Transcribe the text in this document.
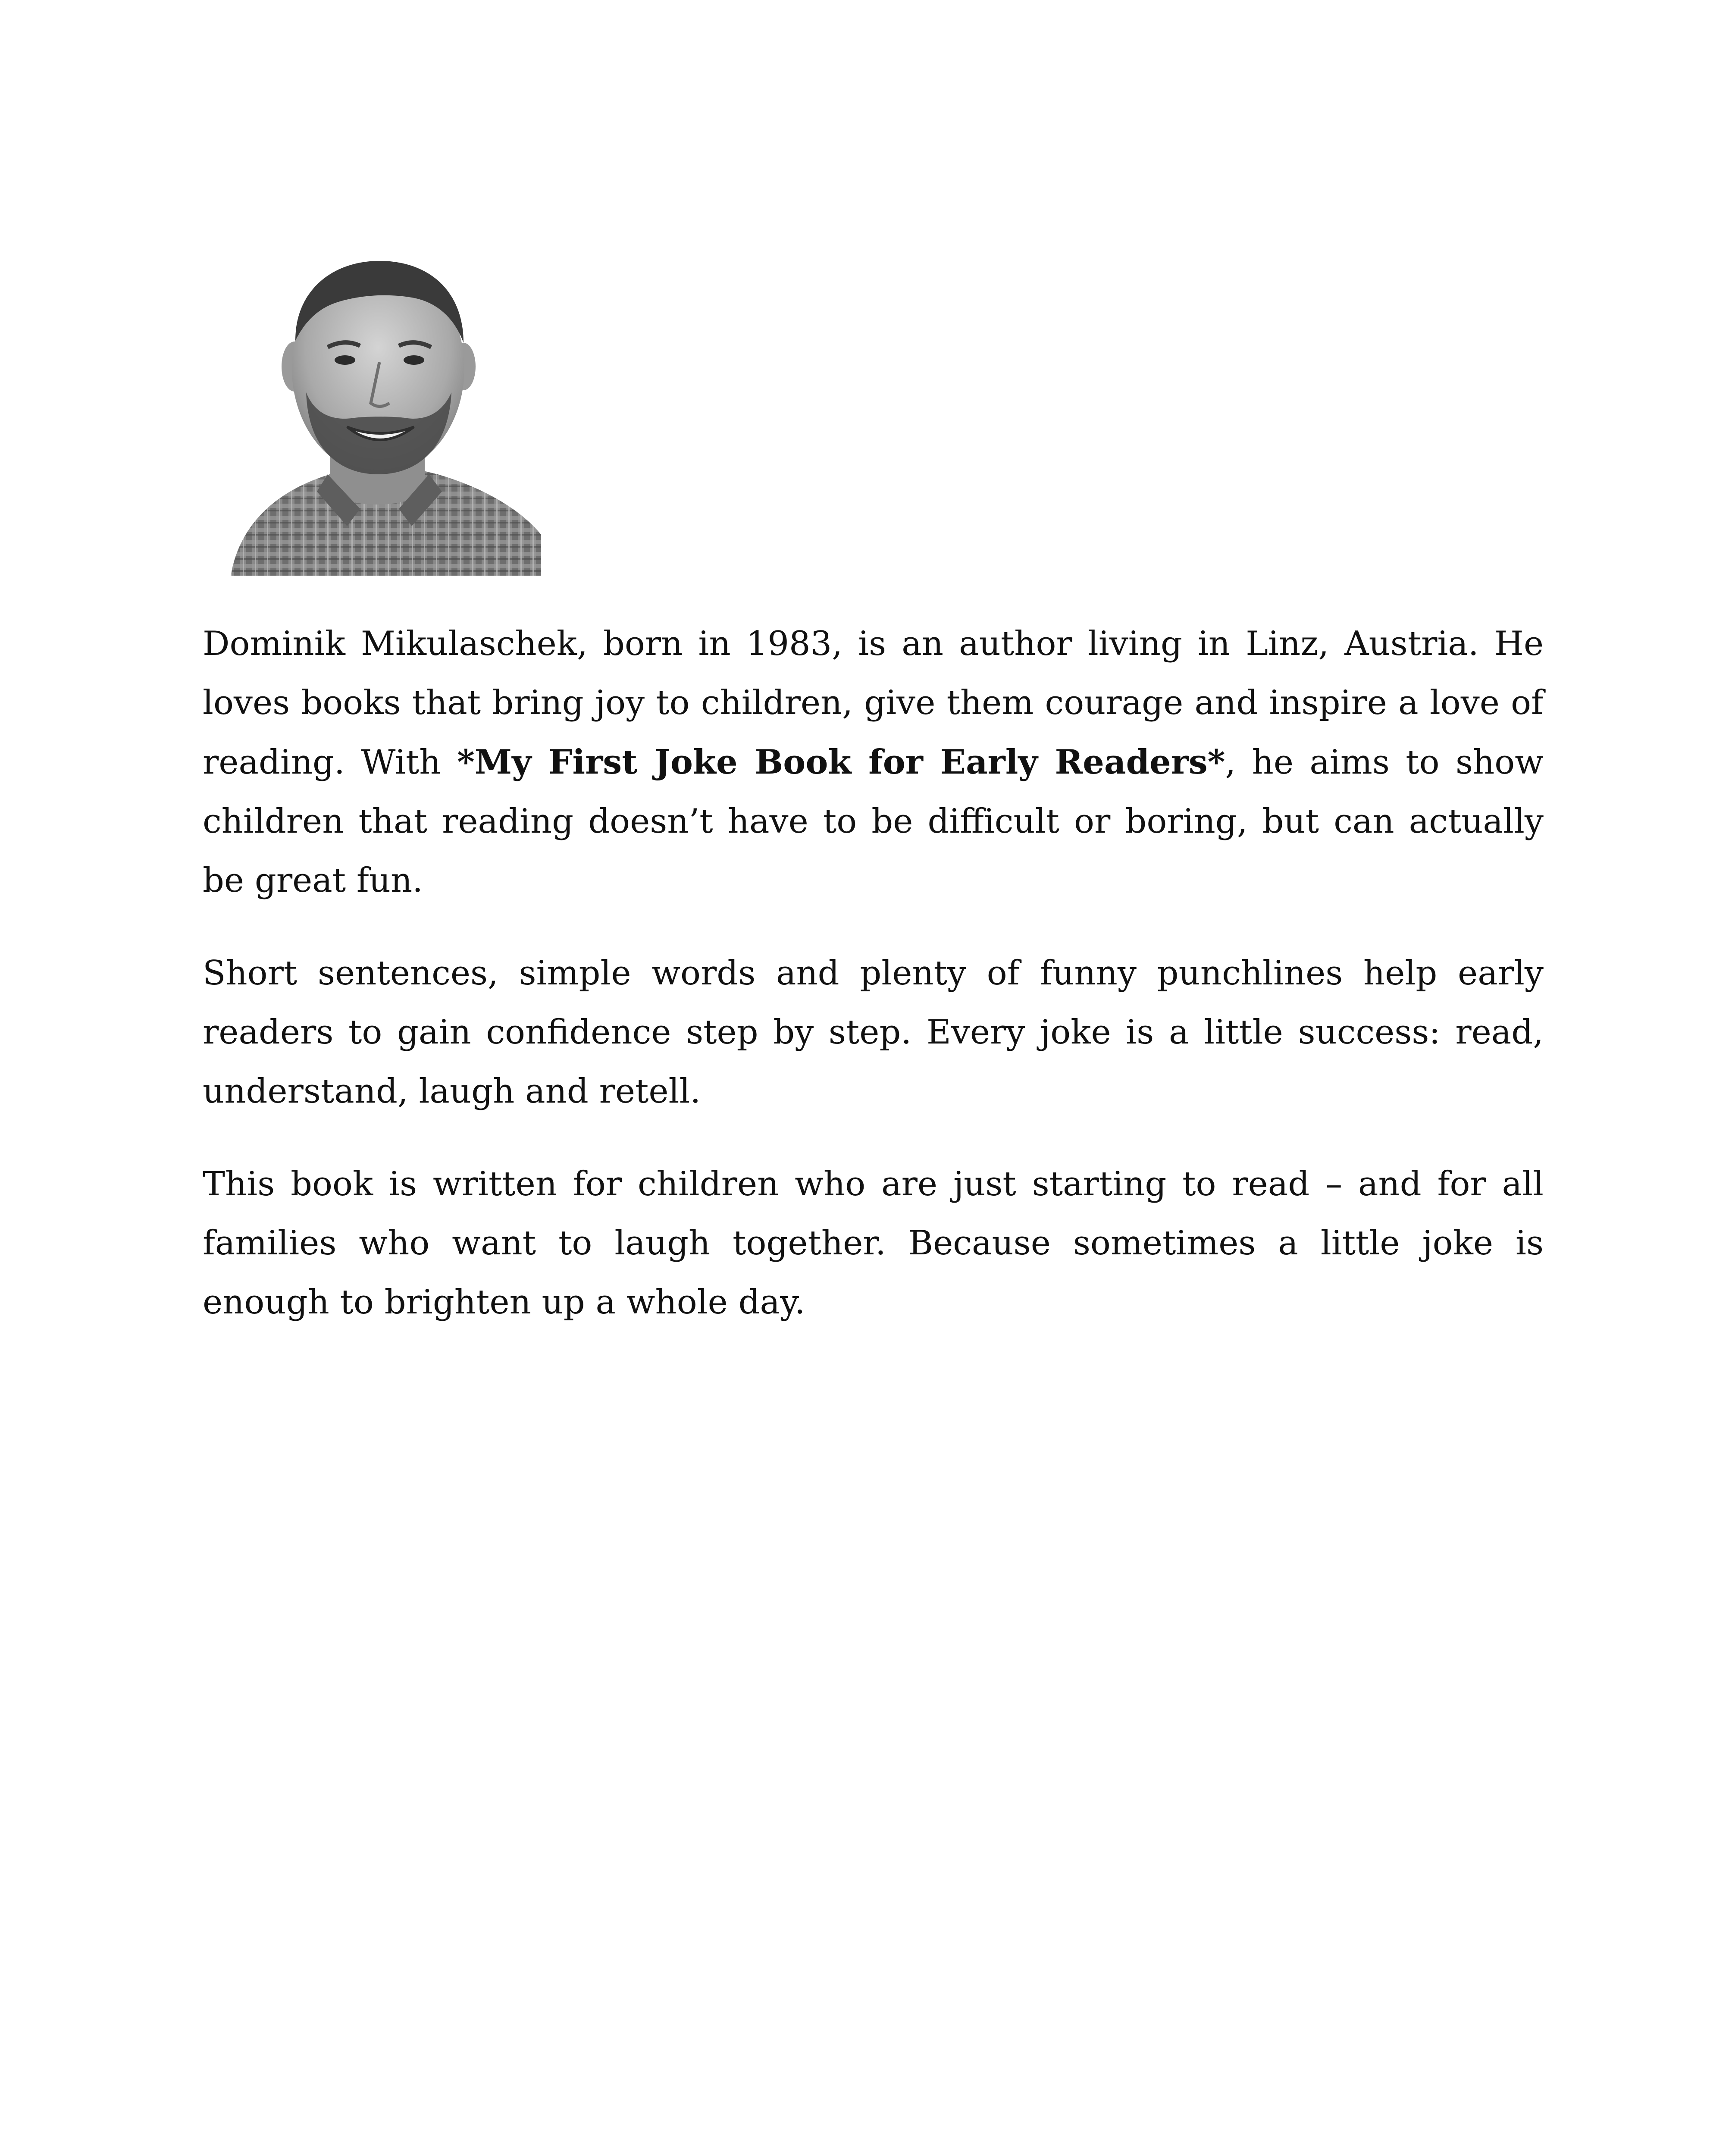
Dominik Mikulaschek, born in 1983, is an author living in Linz, Austria. He loves books that bring joy to children, give them courage and inspire a love of reading. With *My First Joke Book for Early Readers*, he aims to show children that reading doesn’t have to be difficult or boring, but can actually be great fun.

Short sentences, simple words and plenty of funny punchlines help early readers to gain confidence step by step. Every joke is a little success: read, understand, laugh and retell.

This book is written for children who are just starting to read – and for all families who want to laugh together. Because sometimes a little joke is enough to brighten up a whole day.
